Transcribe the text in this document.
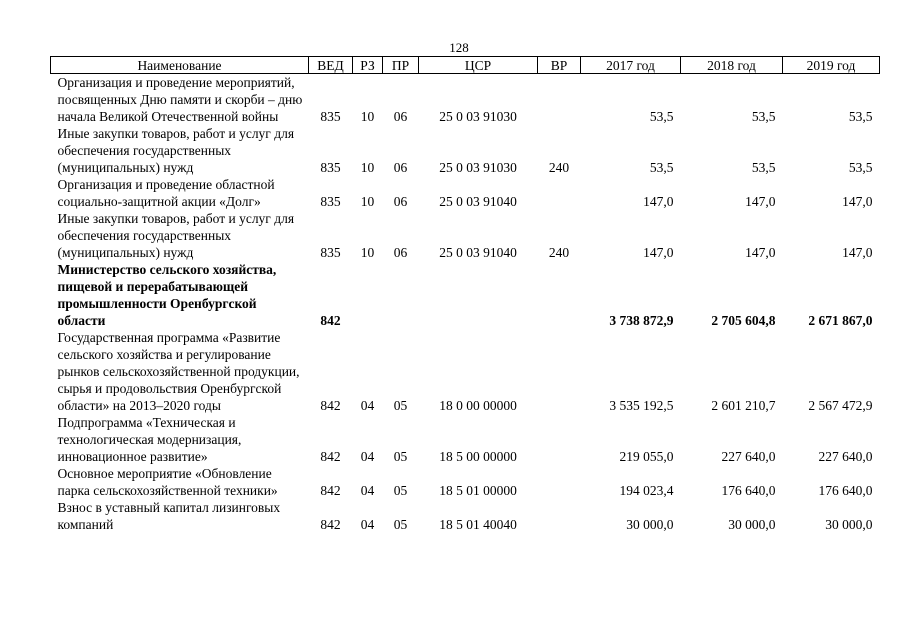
128
Наименование	ВЕД	РЗ	ПР	ЦСР	ВР	2017 год	2018 год	2019 год
Организация и проведение мероприятий, посвященных Дню памяти и скорби – дню начала Великой Отечественной войны	835	10	06	25 0 03 91030		53,5	53,5	53,5
Иные закупки товаров, работ и услуг для обеспечения государственных (муниципальных) нужд	835	10	06	25 0 03 91030	240	53,5	53,5	53,5
Организация и проведение областной социально-защитной акции «Долг»	835	10	06	25 0 03 91040		147,0	147,0	147,0
Иные закупки товаров, работ и услуг для обеспечения государственных (муниципальных) нужд	835	10	06	25 0 03 91040	240	147,0	147,0	147,0
Министерство сельского хозяйства, пищевой и перерабатывающей промышленности Оренбургской области	842					3 738 872,9	2 705 604,8	2 671 867,0
Государственная программа «Развитие сельского хозяйства и регулирование рынков сельскохозяйственной продукции, сырья и продовольствия Оренбургской области» на 2013–2020 годы	842	04	05	18 0 00 00000		3 535 192,5	2 601 210,7	2 567 472,9
Подпрограмма «Техническая и технологическая модернизация, инновационное развитие»	842	04	05	18 5 00 00000		219 055,0	227 640,0	227 640,0
Основное мероприятие «Обновление парка сельскохозяйственной техники»	842	04	05	18 5 01 00000		194 023,4	176 640,0	176 640,0
Взнос в уставный капитал лизинговых компаний	842	04	05	18 5 01 40040		30 000,0	30 000,0	30 000,0
